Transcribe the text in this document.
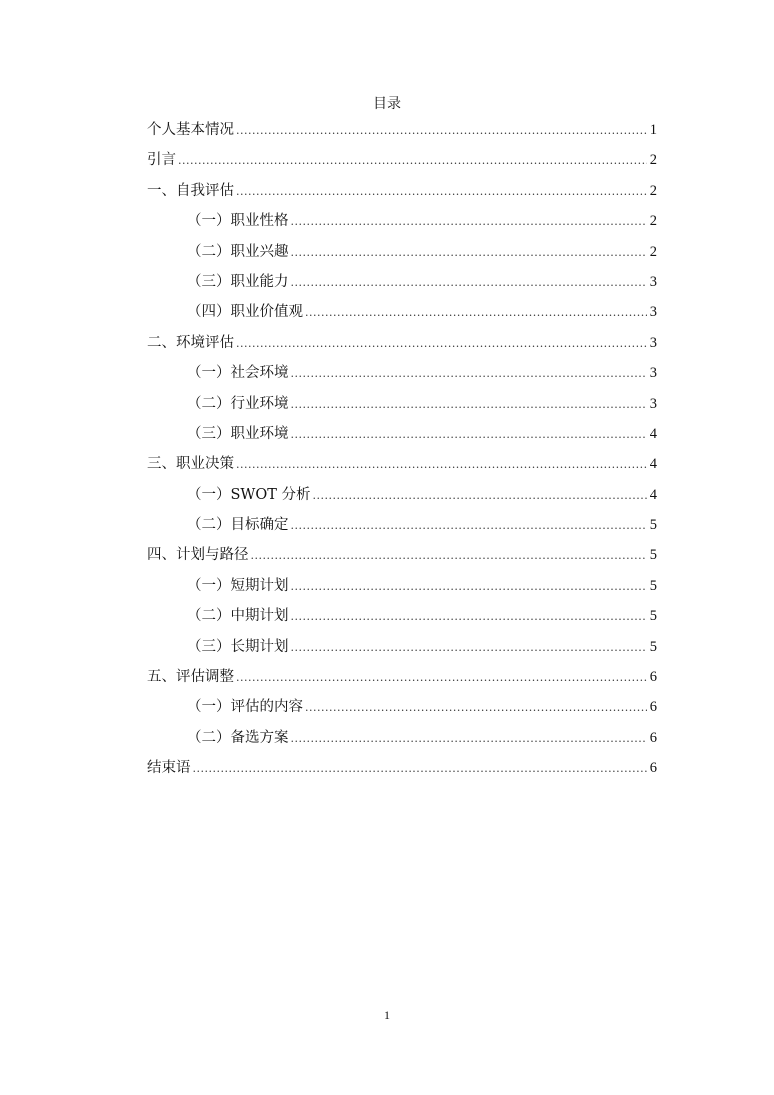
目录
个人基本情况 .....	1
引言 .....	2
一、自我评估 .....	2
（一）职业性格 .....	2
（二）职业兴趣 .....	2
（三）职业能力 .....	3
（四）职业价值观 .....	3
二、环境评估 .....	3
（一）社会环境 .....	3
（二）行业环境 .....	3
（三）职业环境 .....	4
三、职业决策 .....	4
（一）SWOT 分析 .....	4
（二）目标确定 .....	5
四、计划与路径 .....	5
（一）短期计划 .....	5
（二）中期计划 .....	5
（三）长期计划 .....	5
五、评估调整 .....	6
（一）评估的内容 .....	6
（二）备选方案 .....	6
结束语 .....	6
1
